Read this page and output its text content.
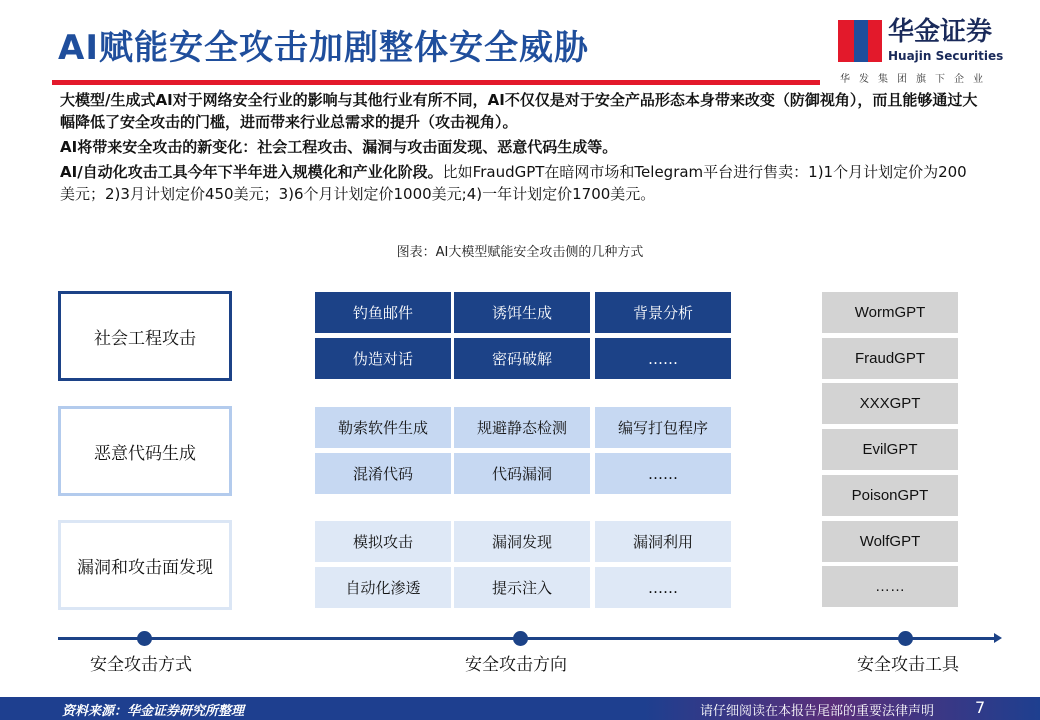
AI赋能安全攻击加剧整体安全威胁	华金证券
Huajin Securities
华发集团旗下企业
大模型/生成式AI对于网络安全行业的影响与其他行业有所不同，AI不仅仅是对于安全产品形态本身带来改变（防御视角），而且能够通过大幅降低了安全攻击的门槛，进而带来行业总需求的提升（攻击视角）。
AI将带来安全攻击的新变化：社会工程攻击、漏洞与攻击面发现、恶意代码生成等。
AI/自动化攻击工具今年下半年进入规模化和产业化阶段。比如FraudGPT在暗网市场和Telegram平台进行售卖：1)1个月计划定价为200美元；2)3月计划定价450美元；3)6个月计划定价1000美元;4)一年计划定价1700美元。
图表：AI大模型赋能安全攻击侧的几种方式
社会工程攻击
恶意代码生成
漏洞和攻击面发现
钓鱼邮件	诱饵生成	背景分析
伪造对话	密码破解	……
勒索软件生成	规避静态检测	编写打包程序
混淆代码	代码漏洞	……
模拟攻击	漏洞发现	漏洞利用
自动化渗透	提示注入	……
WormGPT
FraudGPT
XXXGPT
EvilGPT
PoisonGPT
WolfGPT
……
安全攻击方式	安全攻击方向	安全攻击工具
资料来源：华金证券研究所整理	请仔细阅读在本报告尾部的重要法律声明	7
